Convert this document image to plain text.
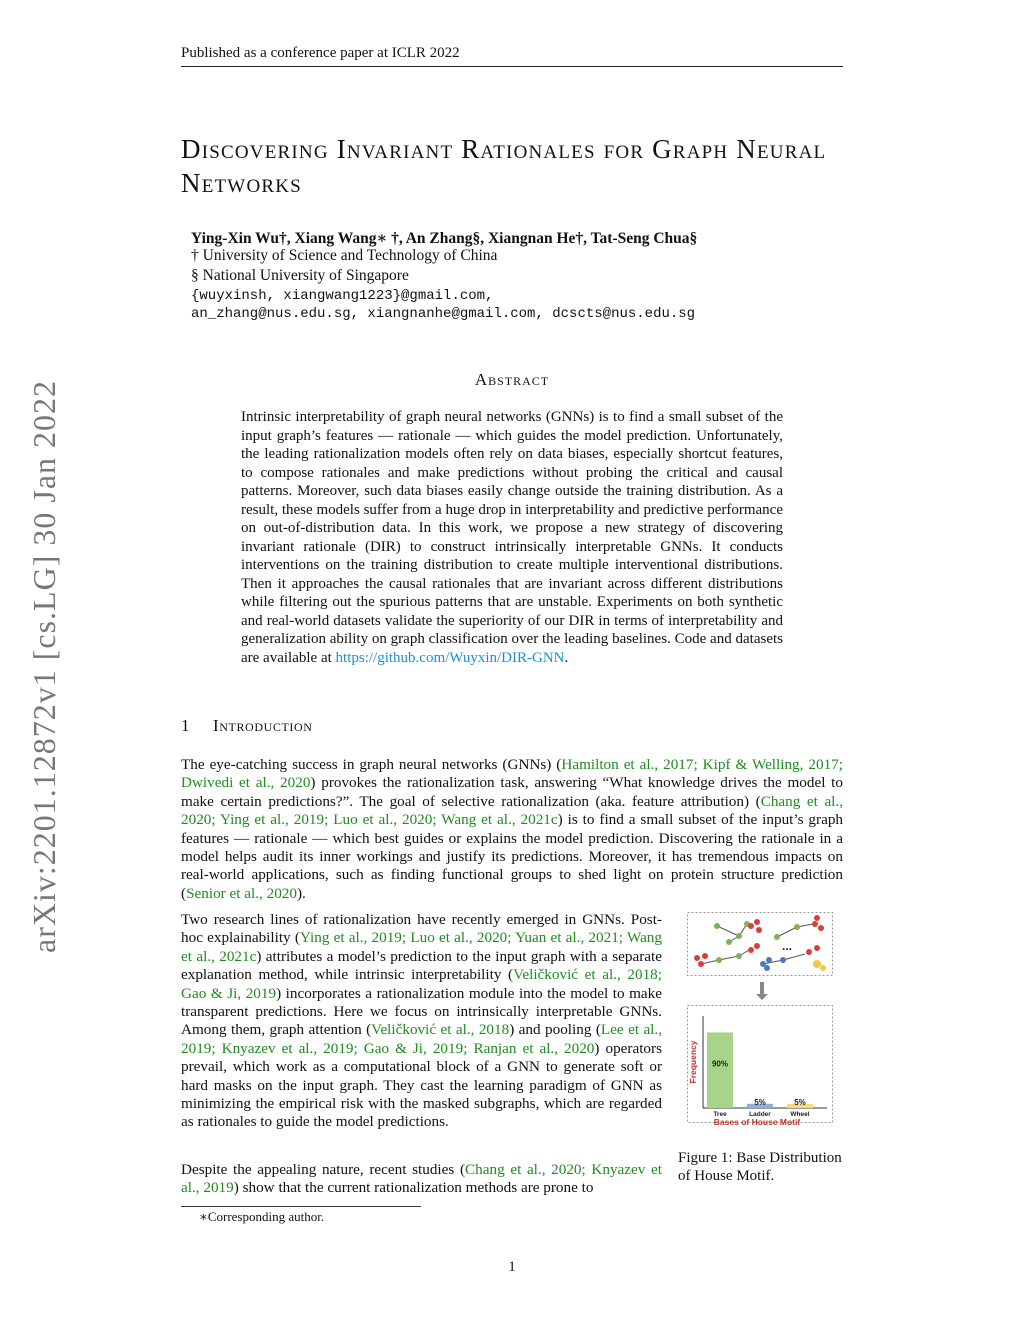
Published as a conference paper at ICLR 2022
Discovering Invariant Rationales for Graph Neural Networks
Ying-Xin Wu†, Xiang Wang∗ †, An Zhang§, Xiangnan He†, Tat-Seng Chua§
† University of Science and Technology of China
§ National University of Singapore
{wuyxinsh, xiangwang1223}@gmail.com,
an_zhang@nus.edu.sg, xiangnanhe@gmail.com, dcscts@nus.edu.sg
arXiv:2201.12872v1 [cs.LG] 30 Jan 2022
Abstract
Intrinsic interpretability of graph neural networks (GNNs) is to find a small subset of the input graph’s features — rationale — which guides the model prediction. Unfortunately, the leading rationalization models often rely on data biases, especially shortcut features, to compose rationales and make predictions without probing the critical and causal patterns. Moreover, such data biases easily change outside the training distribution. As a result, these models suffer from a huge drop in interpretability and predictive performance on out-of-distribution data. In this work, we propose a new strategy of discovering invariant rationale (DIR) to construct intrinsically interpretable GNNs. It conducts interventions on the training distribution to create multiple interventional distributions. Then it approaches the causal rationales that are invariant across different distributions while filtering out the spurious patterns that are unstable. Experiments on both synthetic and real-world datasets validate the superiority of our DIR in terms of interpretability and generalization ability on graph classification over the leading baselines. Code and datasets are available at https://github.com/Wuyxin/DIR-GNN.
1 Introduction
The eye-catching success in graph neural networks (GNNs) (Hamilton et al., 2017; Kipf & Welling, 2017; Dwivedi et al., 2020) provokes the rationalization task, answering “What knowledge drives the model to make certain predictions?”. The goal of selective rationalization (aka. feature attribution) (Chang et al., 2020; Ying et al., 2019; Luo et al., 2020; Wang et al., 2021c) is to find a small subset of the input’s graph features — rationale — which best guides or explains the model prediction. Discovering the rationale in a model helps audit its inner workings and justify its predictions. Moreover, it has tremendous impacts on real-world applications, such as finding functional groups to shed light on protein structure prediction (Senior et al., 2020).
Two research lines of rationalization have recently emerged in GNNs. Post-hoc explainability (Ying et al., 2019; Luo et al., 2020; Yuan et al., 2021; Wang et al., 2021c) attributes a model’s prediction to the input graph with a separate explanation method, while intrinsic interpretability (Veličković et al., 2018; Gao & Ji, 2019) incorporates a rationalization module into the model to make transparent predictions. Here we focus on intrinsically interpretable GNNs. Among them, graph attention (Veličković et al., 2018) and pooling (Lee et al., 2019; Knyazev et al., 2019; Gao & Ji, 2019; Ranjan et al., 2020) operators prevail, which work as a computational block of a GNN to generate soft or hard masks on the input graph. They cast the learning paradigm of GNN as minimizing the empirical risk with the masked subgraphs, which are regarded as rationales to guide the model predictions.
Despite the appealing nature, recent studies (Chang et al., 2020; Knyazev et al., 2019) show that the current rationalization methods are prone to
...
90%
Tree
5%
Ladder
5%
Wheel
Bases of House Motif
Frequency
Figure 1: Base Distribution of House Motif.
∗Corresponding author.
1
